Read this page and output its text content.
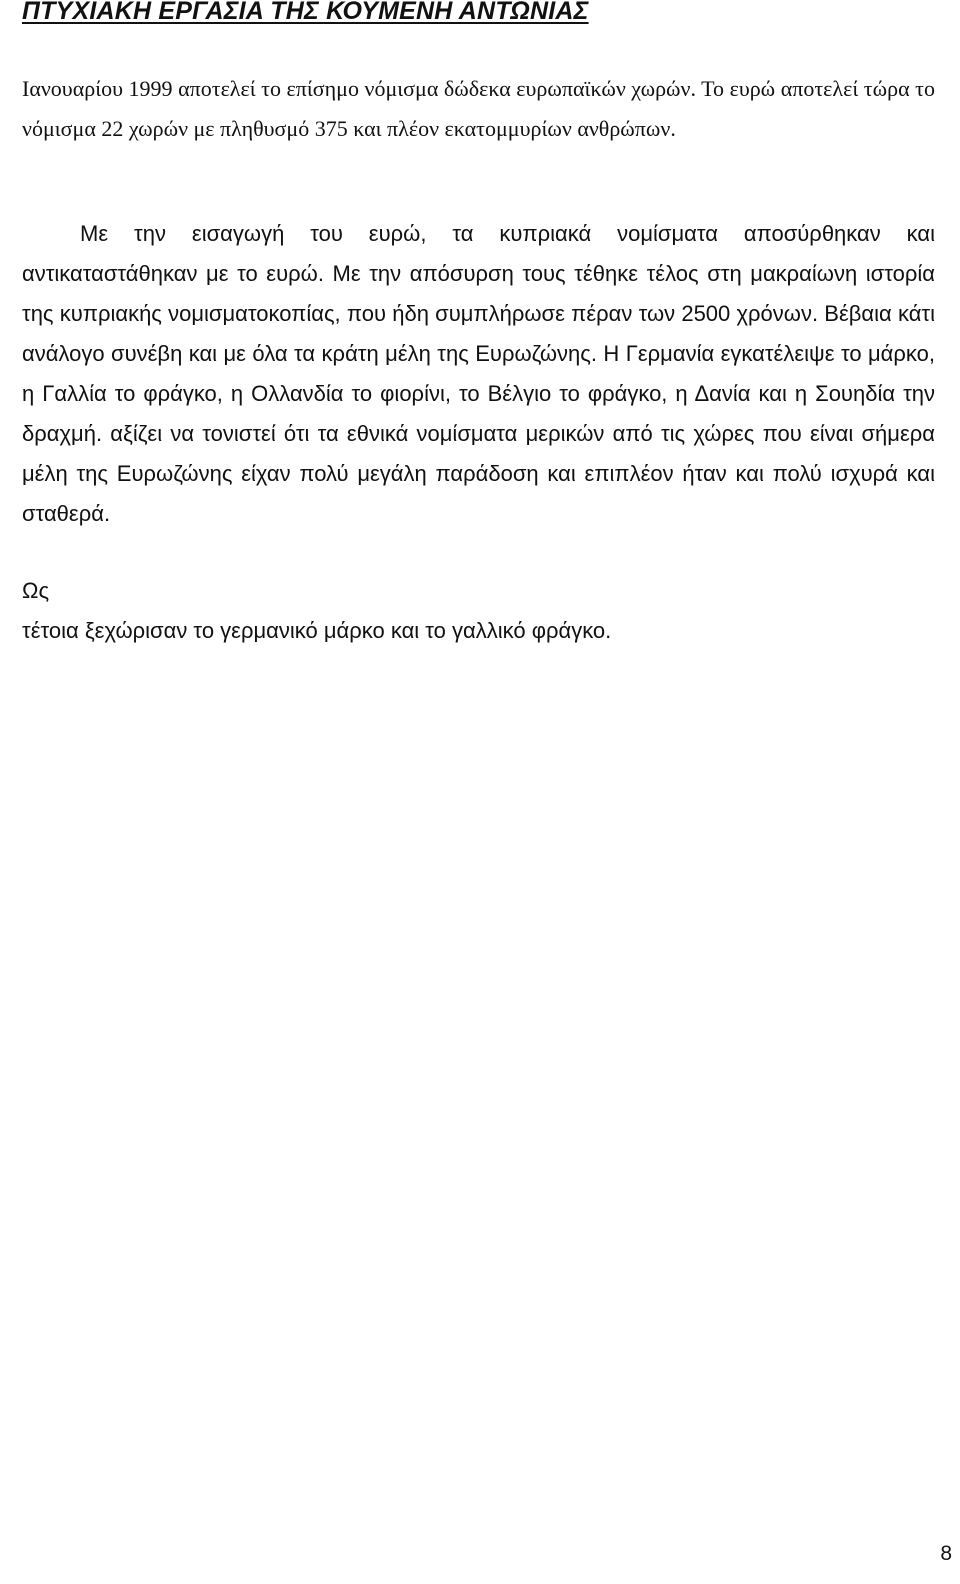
ΠΤΥΧΙΑΚΗ ΕΡΓΑΣΙΑ ΤΗΣ ΚΟΥΜΕΝΗ ΑΝΤΩΝΙΑΣ

Ιανουαρίου 1999 αποτελεί το επίσημο νόμισμα δώδεκα ευρωπαϊκών χωρών. Το ευρώ αποτελεί τώρα το νόμισμα 22 χωρών με πληθυσμό 375 και πλέον εκατομμυρίων ανθρώπων.

Με την εισαγωγή του ευρώ, τα κυπριακά νομίσματα αποσύρθηκαν και αντικαταστάθηκαν με το ευρώ. Με την απόσυρση τους τέθηκε τέλος στη μακραίωνη ιστορία της κυπριακής νομισματοκοπίας, που ήδη συμπλήρωσε πέραν των 2500 χρόνων. Βέβαια κάτι ανάλογο συνέβη και με όλα τα κράτη μέλη της Ευρωζώνης. Η Γερμανία εγκατέλειψε το μάρκο, η Γαλλία το φράγκο, η Ολλανδία το φιορίνι, το Βέλγιο το φράγκο, η Δανία και η Σουηδία την δραχμή. αξίζει να τονιστεί ότι τα εθνικά νομίσματα μερικών από τις χώρες που είναι σήμερα μέλη της Ευρωζώνης είχαν πολύ μεγάλη παράδοση και επιπλέον ήταν και πολύ ισχυρά και σταθερά.

Ως
τέτοια ξεχώρισαν το γερμανικό μάρκο και το γαλλικό φράγκο.

8
